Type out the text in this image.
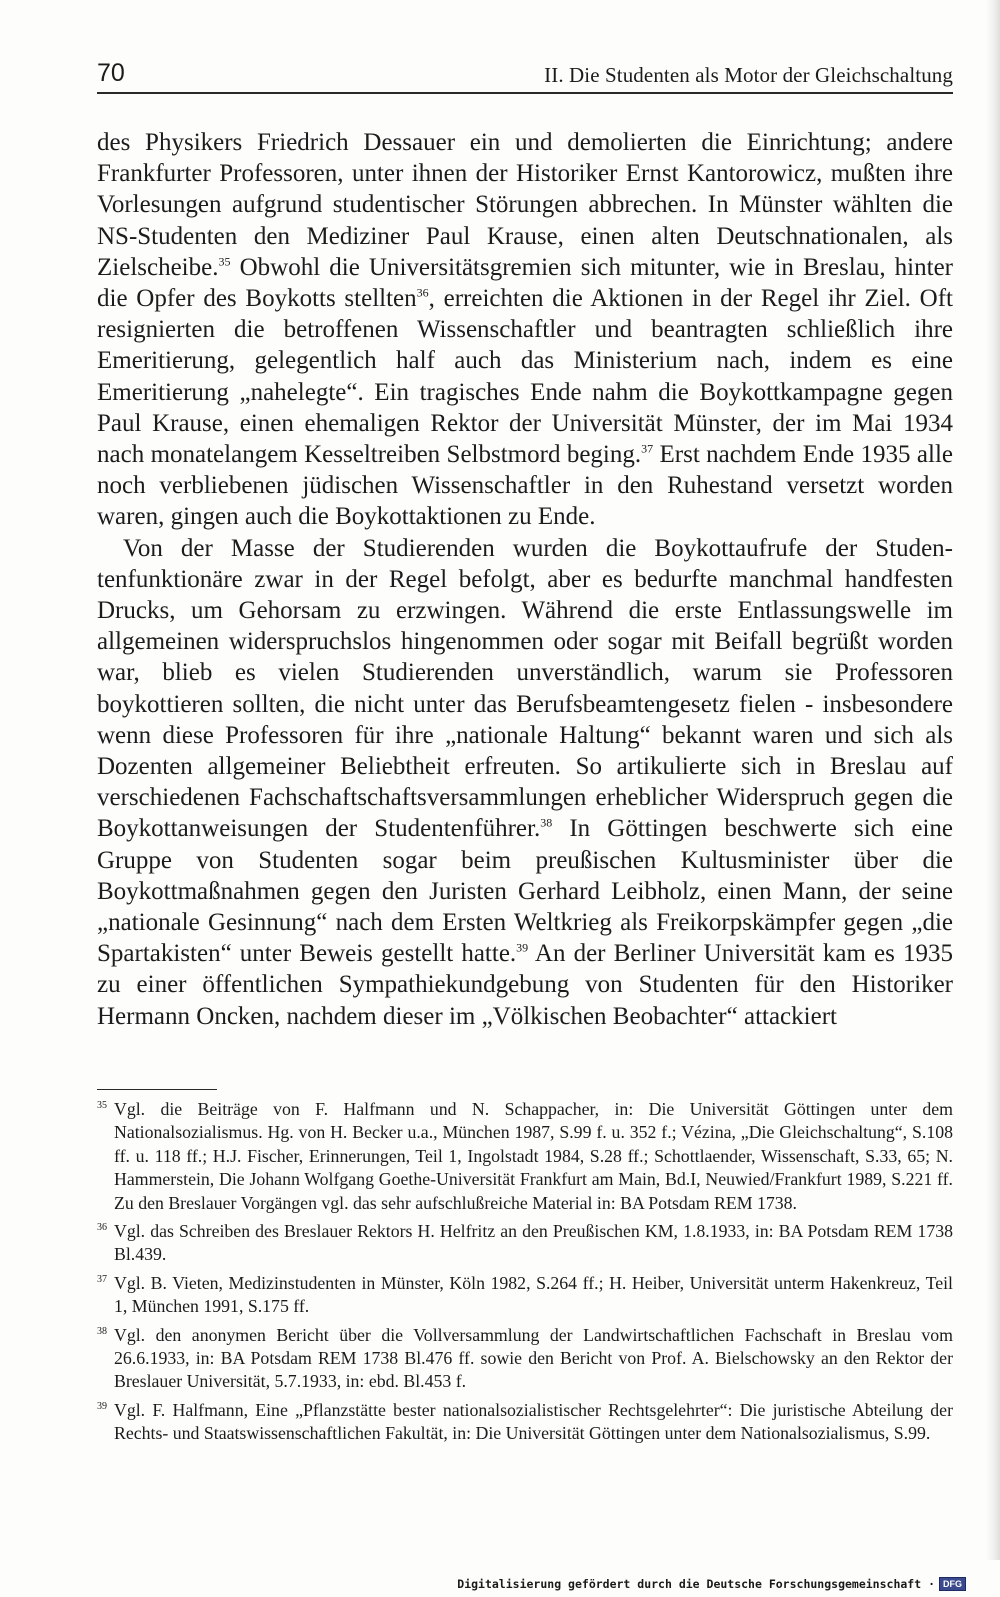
70	II. Die Studenten als Motor der Gleichschaltung

des Physikers Friedrich Dessauer ein und demolierten die Einrichtung; andere Frankfurter Professoren, unter ihnen der Historiker Ernst Kantorowicz, mußten ihre Vorlesungen aufgrund studentischer Störungen abbrechen. In Münster wählten die NS-Studenten den Mediziner Paul Krause, einen alten Deutschnationalen, als Zielscheibe.$^{35}$ Obwohl die Universitätsgremien sich mitunter, wie in Breslau, hinter die Opfer des Boykotts stellten$^{36}$, erreichten die Aktionen in der Regel ihr Ziel. Oft resignierten die betroffenen Wissenschaftler und beantragten schließlich ihre Emeritierung, gelegentlich half auch das Ministerium nach, indem es eine Emeritierung „nahelegte“. Ein tragisches Ende nahm die Boykottkampagne gegen Paul Krause, einen ehemaligen Rektor der Universität Münster, der im Mai 1934 nach monatelangem Kesseltreiben Selbstmord beging.$^{37}$ Erst nachdem Ende 1935 alle noch verbliebenen jüdischen Wissenschaftler in den Ruhestand versetzt worden waren, gingen auch die Boykottaktionen zu Ende.

Von der Masse der Studierenden wurden die Boykottaufrufe der Studentenfunktionäre zwar in der Regel befolgt, aber es bedurfte manchmal handfesten Drucks, um Gehorsam zu erzwingen. Während die erste Entlassungswelle im allgemeinen widerspruchslos hingenommen oder sogar mit Beifall begrüßt worden war, blieb es vielen Studierenden unverständlich, warum sie Professoren boykottieren sollten, die nicht unter das Berufsbeamtengesetz fielen - insbesondere wenn diese Professoren für ihre „nationale Haltung“ bekannt waren und sich als Dozenten allgemeiner Beliebtheit erfreuten. So artikulierte sich in Breslau auf verschiedenen Fachschaftschaftsversammlungen erheblicher Widerspruch gegen die Boykottanweisungen der Studentenführer.$^{38}$ In Göttingen beschwerte sich eine Gruppe von Studenten sogar beim preußischen Kultusminister über die Boykottmaßnahmen gegen den Juristen Gerhard Leibholz, einen Mann, der seine „nationale Gesinnung“ nach dem Ersten Weltkrieg als Freikorpskämpfer gegen „die Spartakisten“ unter Beweis gestellt hatte.$^{39}$ An der Berliner Universität kam es 1935 zu einer öffentlichen Sympathiekundgebung von Studenten für den Historiker Hermann Oncken, nachdem dieser im „Völkischen Beobachter“ attackiert

35 Vgl. die Beiträge von F. Halfmann und N. Schappacher, in: Die Universität Göttingen unter dem Nationalsozialismus. Hg. von H. Becker u.a., München 1987, S.99 f. u. 352 f.; Vézina, „Die Gleichschaltung“, S.108 ff. u. 118 ff.; H.J. Fischer, Erinnerungen, Teil 1, Ingolstadt 1984, S.28 ff.; Schottlaender, Wissenschaft, S.33, 65; N. Hammerstein, Die Johann Wolfgang Goethe-Universität Frankfurt am Main, Bd.I, Neuwied/Frankfurt 1989, S.221 ff. Zu den Breslauer Vorgängen vgl. das sehr aufschlußreiche Material in: BA Potsdam REM 1738.
36 Vgl. das Schreiben des Breslauer Rektors H. Helfritz an den Preußischen KM, 1.8.1933, in: BA Potsdam REM 1738 Bl.439.
37 Vgl. B. Vieten, Medizinstudenten in Münster, Köln 1982, S.264 ff.; H. Heiber, Universität unterm Hakenkreuz, Teil 1, München 1991, S.175 ff.
38 Vgl. den anonymen Bericht über die Vollversammlung der Landwirtschaftlichen Fachschaft in Breslau vom 26.6.1933, in: BA Potsdam REM 1738 Bl.476 ff. sowie den Bericht von Prof. A. Bielschowsky an den Rektor der Breslauer Universität, 5.7.1933, in: ebd. Bl.453 f.
39 Vgl. F. Halfmann, Eine „Pflanzstätte bester nationalsozialistischer Rechtsgelehrter“: Die juristische Abteilung der Rechts- und Staatswissenschaftlichen Fakultät, in: Die Universität Göttingen unter dem Nationalsozialismus, S.99.
Digitalisierung gefördert durch die Deutsche Forschungsgemeinschaft · DFG
